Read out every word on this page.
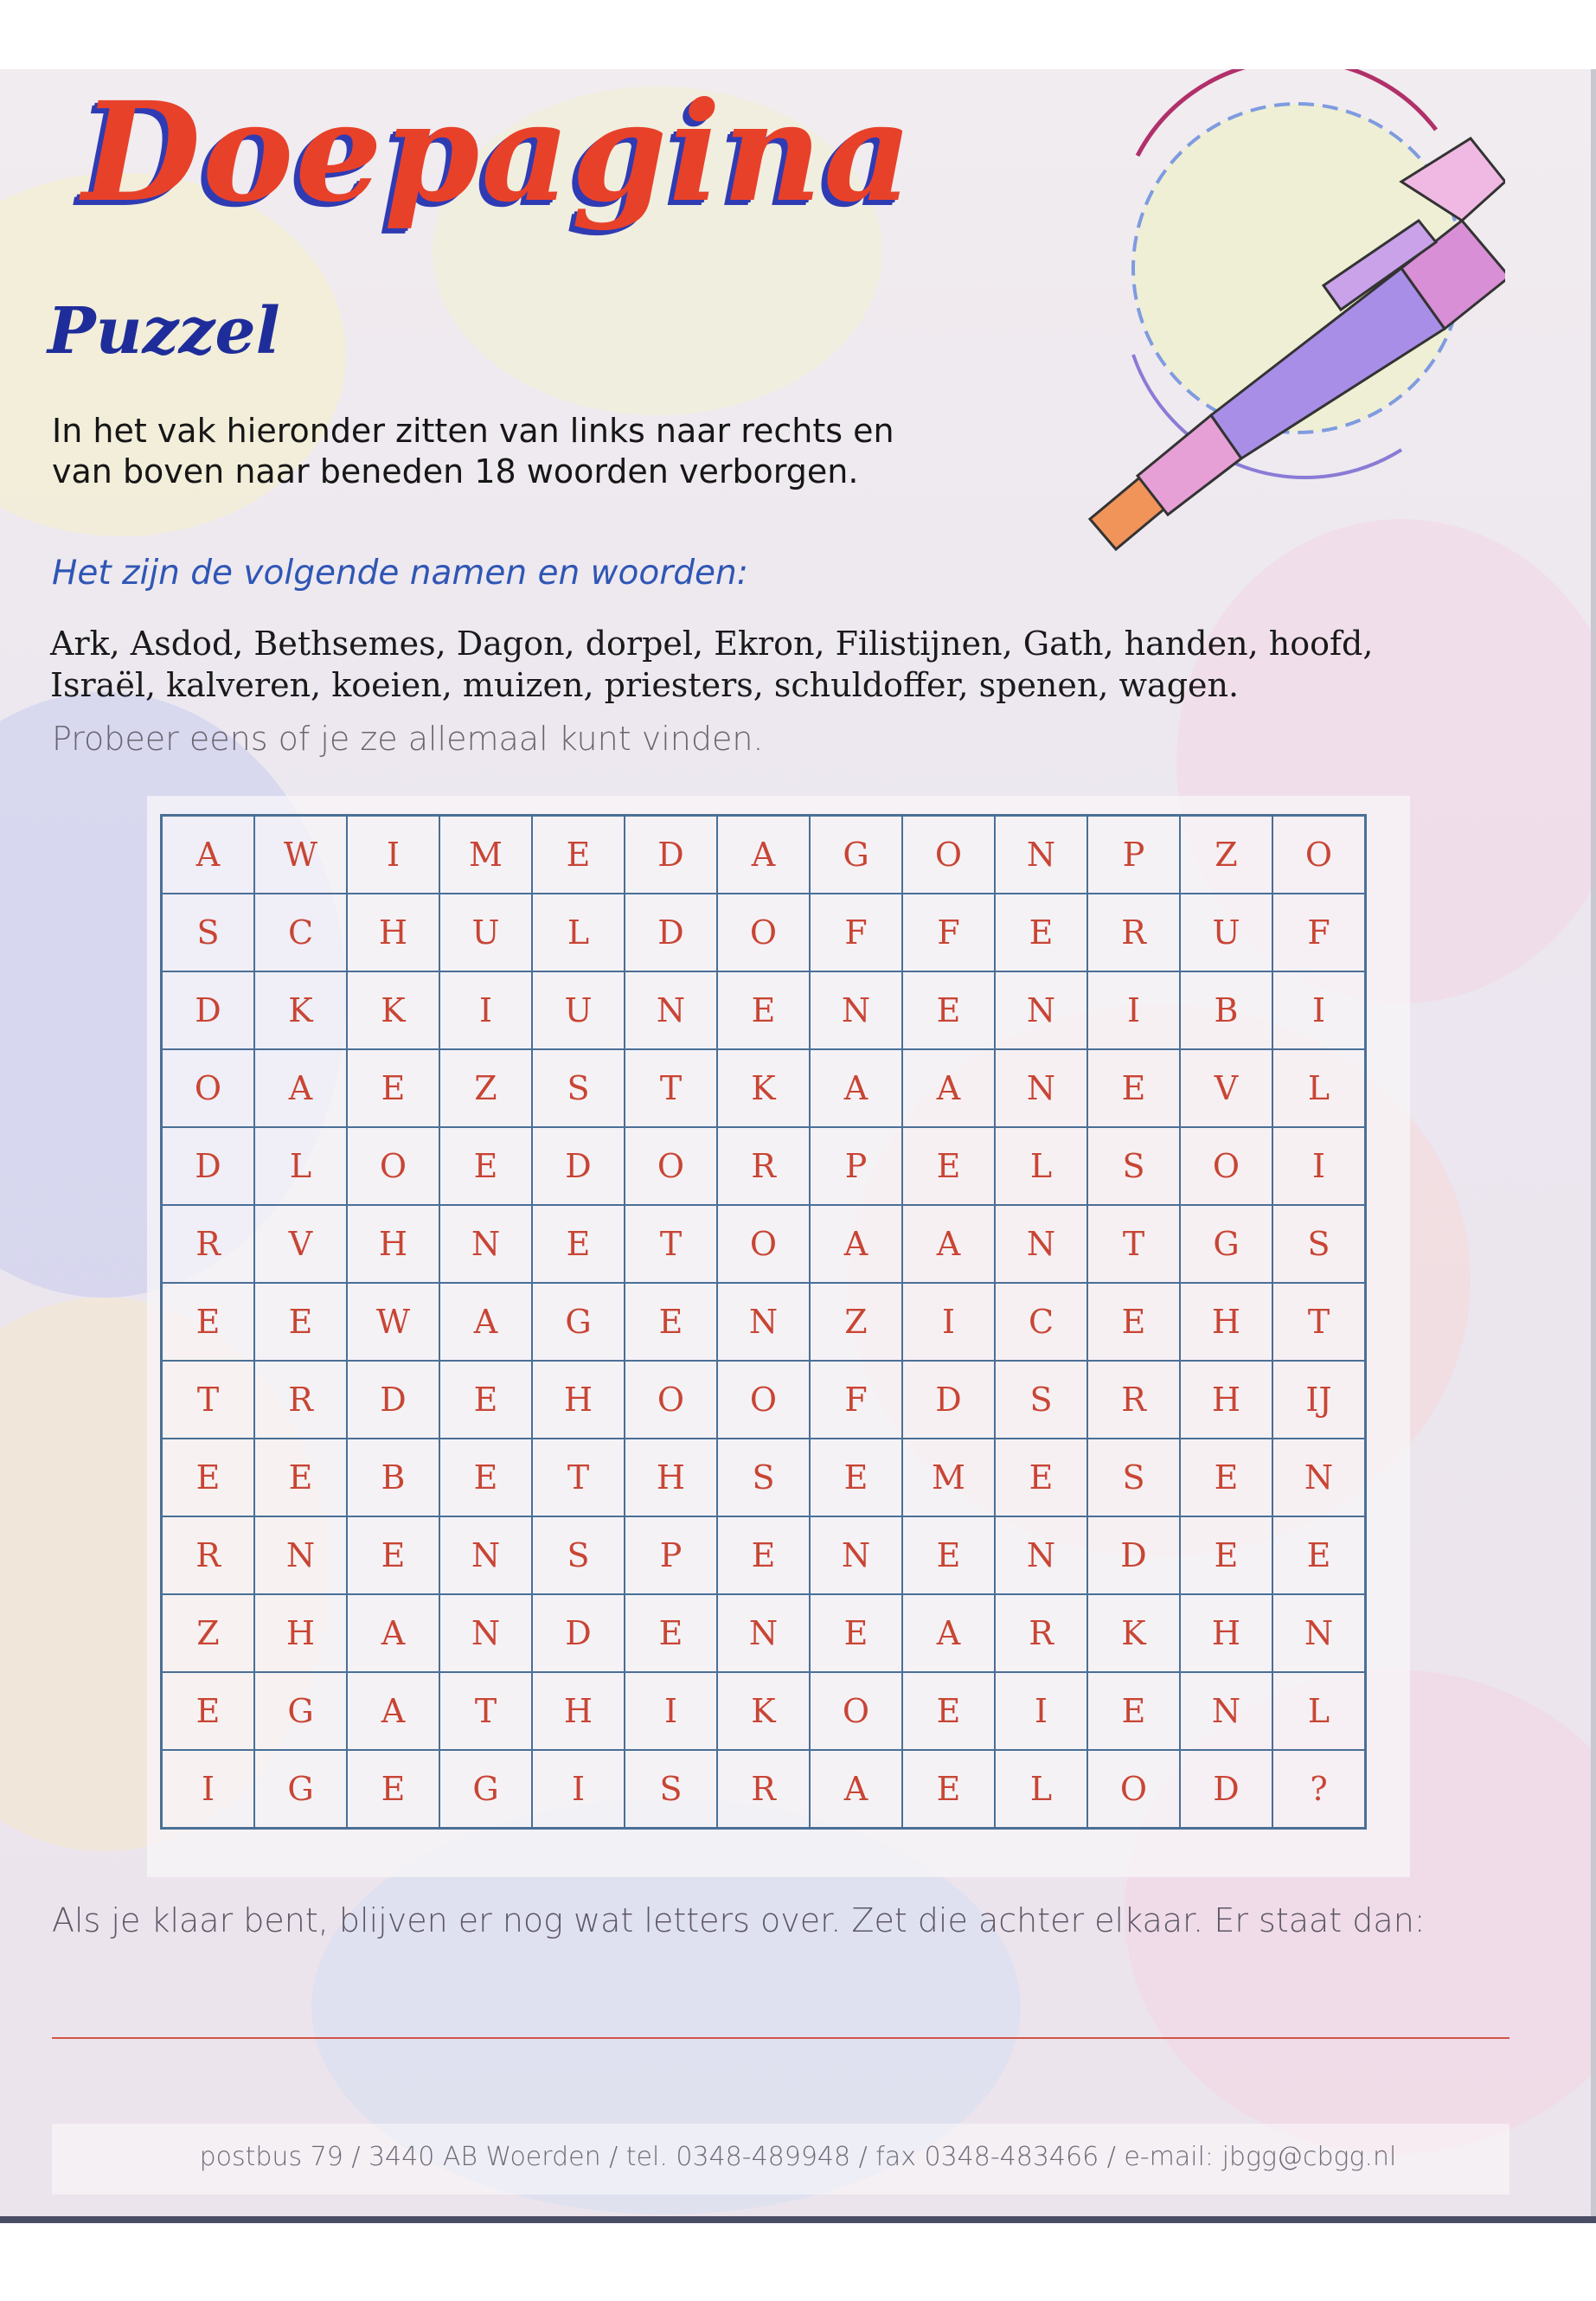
Doepagina
Puzzel

In het vak hieronder zitten van links naar rechts en van boven naar beneden 18 woorden verborgen.

Het zijn de volgende namen en woorden:

Ark, Asdod, Bethsemes, Dagon, dorpel, Ekron, Filistijnen, Gath, handen, hoofd, Israël, kalveren, koeien, muizen, priesters, schuldoffer, spenen, wagen.

Probeer eens of je ze allemaal kunt vinden.

A	W	I	M	E	D	A	G	O	N	P	Z	O
S	C	H	U	L	D	O	F	F	E	R	U	F
D	K	K	I	U	N	E	N	E	N	I	B	I
O	A	E	Z	S	T	K	A	A	N	E	V	L
D	L	O	E	D	O	R	P	E	L	S	O	I
R	V	H	N	E	T	O	A	A	N	T	G	S
E	E	W	A	G	E	N	Z	I	C	E	H	T
T	R	D	E	H	O	O	F	D	S	R	H	IJ
E	E	B	E	T	H	S	E	M	E	S	E	N
R	N	E	N	S	P	E	N	E	N	D	E	E
Z	H	A	N	D	E	N	E	A	R	K	H	N
E	G	A	T	H	I	K	O	E	I	E	N	L
I	G	E	G	I	S	R	A	E	L	O	D	?

Als je klaar bent, blijven er nog wat letters over. Zet die achter elkaar. Er staat dan:

postbus 79 / 3440 AB Woerden / tel. 0348-489948 / fax 0348-483466 / e-mail: jbgg@cbgg.nl
